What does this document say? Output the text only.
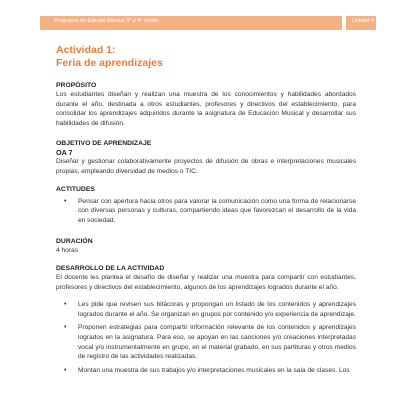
Programa de Estudio Música 3° y 4° medio	Unidad 4

Actividad 1:

Feria de aprendizajes

PROPÓSITO

Los estudiantes diseñan y realizan una muestra de los conocimientos y habilidades abordados durante el año, destinada a otros estudiantes, profesores y directivos del establecimiento, para consolidar los aprendizajes adquiridos durante la asignatura de Educación Musical y desarrollar sus habilidades de difusión.

OBJETIVO DE APRENDIZAJE

OA 7

Diseñar y gestionar colaborativamente proyectos de difusión de obras e interpretaciones musicales propias, empleando diversidad de medios o TIC.

ACTITUDES

• Pensar con apertura hacia otros para valorar la comunicación como una forma de relacionarse con diversas personas y culturas, compartiendo ideas que favorezcan el desarrollo de la vida en sociedad.

DURACIÓN

4 horas

DESARROLLO DE LA ACTIVIDAD

El docente les plantea el desafío de diseñar y realizar una muestra para compartir con estudiantes, profesores y directivos del establecimiento, algunos de los aprendizajes logrados durante el año.

• Les pide que revisen sus bitácoras y propongan un listado de los contenidos y aprendizajes logrados durante el año. Se organizan en grupos por contenido y/o experiencia de aprendizaje.
• Proponen estrategias para compartir información relevante de los contenidos y aprendizajes logrados en la asignatura. Para eso, se apoyan en las canciones y/o creaciones interpretadas vocal y/o instrumentalmente en grupo, en el material grabado, en sus partituras y otros medios de registro de las actividades realizadas.
• Montan una muestra de sus trabajos y/o interpretaciones musicales en la sala de clases. Los
